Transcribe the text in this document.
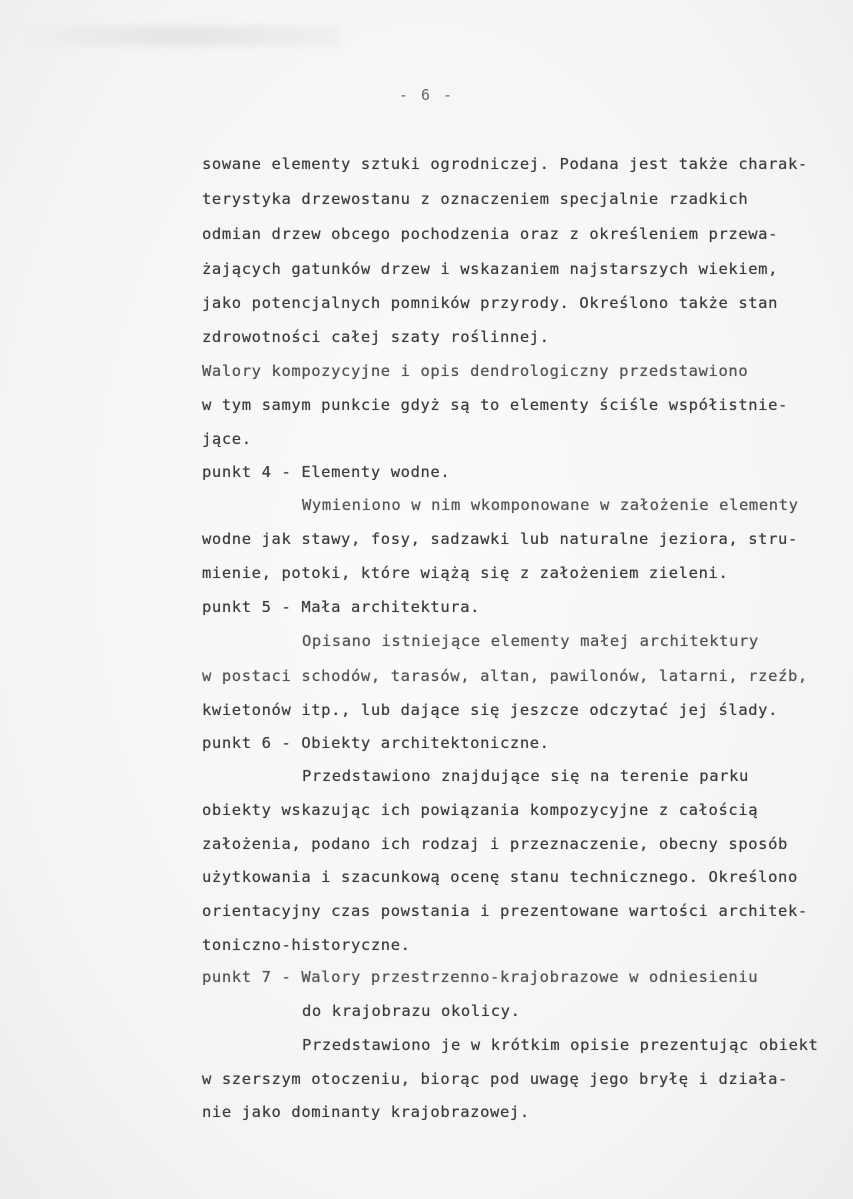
- 6 -
sowane elementy sztuki ogrodniczej. Podana jest także charak-
terystyka drzewostanu z oznaczeniem specjalnie rzadkich
odmian drzew obcego pochodzenia oraz z określeniem przewa-
żających gatunków drzew i wskazaniem najstarszych wiekiem,
jako potencjalnych pomników przyrody. Określono także stan
zdrowotności całej szaty roślinnej.
Walory kompozycyjne i opis dendrologiczny przedstawiono
w tym samym punkcie gdyż są to elementy ściśle współistnie-
jące.
punkt 4 - Elementy wodne.
Wymieniono w nim wkomponowane w założenie elementy
wodne jak stawy, fosy, sadzawki lub naturalne jeziora, stru-
mienie, potoki, które wiążą się z założeniem zieleni.
punkt 5 - Mała architektura.
Opisano istniejące elementy małej architektury
w postaci schodów, tarasów, altan, pawilonów, latarni, rzeźb,
kwietonów itp., lub dające się jeszcze odczytać jej ślady.
punkt 6 - Obiekty architektoniczne.
Przedstawiono znajdujące się na terenie parku
obiekty wskazując ich powiązania kompozycyjne z całością
założenia, podano ich rodzaj i przeznaczenie, obecny sposób
użytkowania i szacunkową ocenę stanu technicznego. Określono
orientacyjny czas powstania i prezentowane wartości architek-
toniczno-historyczne.
punkt 7 - Walory przestrzenno-krajobrazowe w odniesieniu
do krajobrazu okolicy.
Przedstawiono je w krótkim opisie prezentując obiekt
w szerszym otoczeniu, biorąc pod uwagę jego bryłę i działa-
nie jako dominanty krajobrazowej.
